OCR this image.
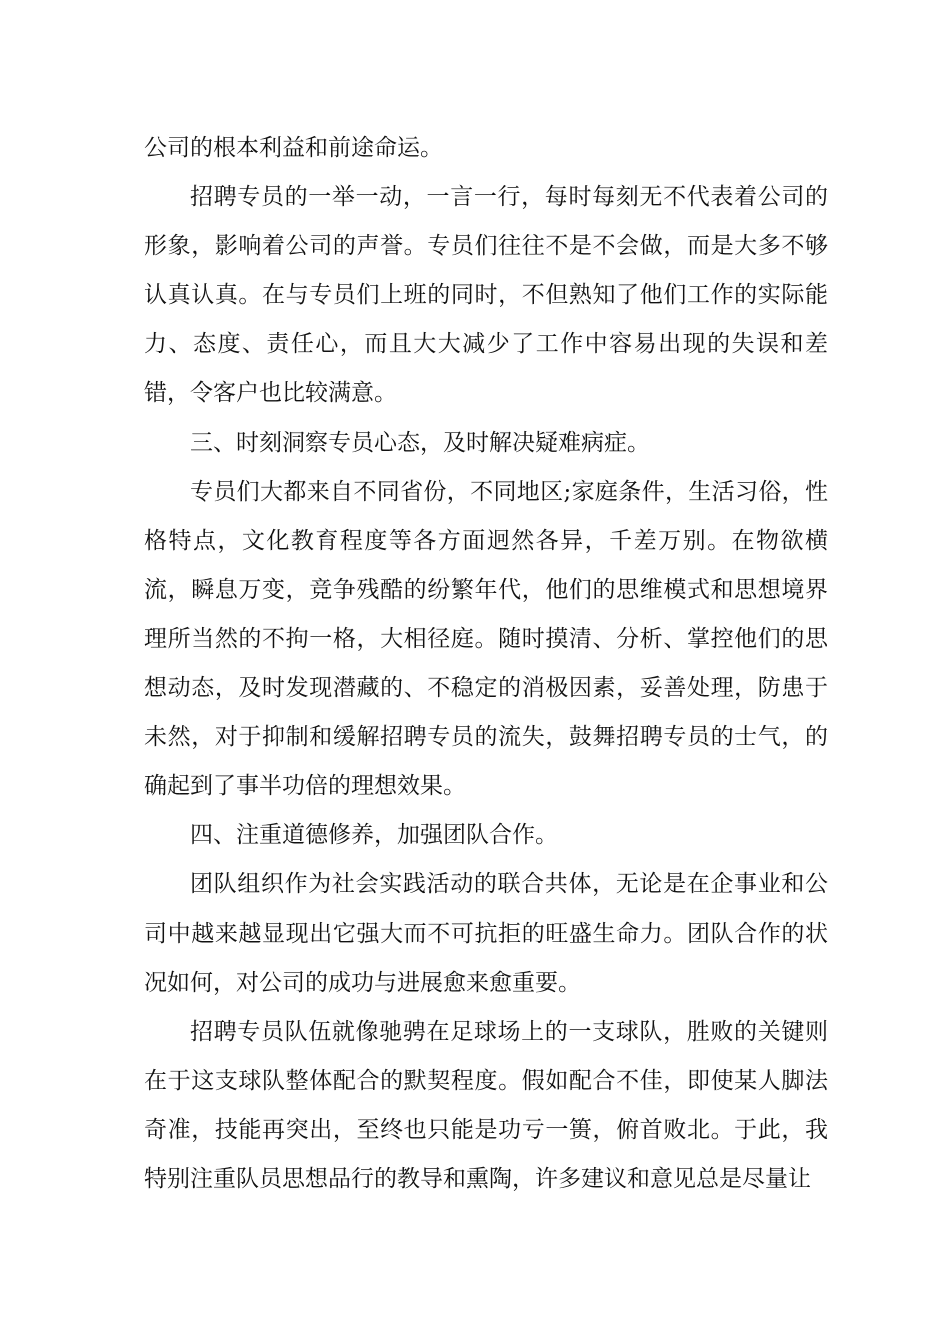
公司的根本利益和前途命运。

招聘专员的一举一动，一言一行，每时每刻无不代表着公司的形象，影响着公司的声誉。专员们往往不是不会做，而是大多不够认真认真。在与专员们上班的同时，不但熟知了他们工作的实际能力、态度、责任心，而且大大减少了工作中容易出现的失误和差错，令客户也比较满意。

三、时刻洞察专员心态，及时解决疑难病症。

专员们大都来自不同省份，不同地区;家庭条件，生活习俗，性格特点，文化教育程度等各方面迥然各异，千差万别。在物欲横流，瞬息万变，竞争残酷的纷繁年代，他们的思维模式和思想境界理所当然的不拘一格，大相径庭。随时摸清、分析、掌控他们的思想动态，及时发现潜藏的、不稳定的消极因素，妥善处理，防患于未然，对于抑制和缓解招聘专员的流失，鼓舞招聘专员的士气，的确起到了事半功倍的理想效果。

四、注重道德修养，加强团队合作。

团队组织作为社会实践活动的联合共体，无论是在企事业和公司中越来越显现出它强大而不可抗拒的旺盛生命力。团队合作的状况如何，对公司的成功与进展愈来愈重要。

招聘专员队伍就像驰骋在足球场上的一支球队，胜败的关键则在于这支球队整体配合的默契程度。假如配合不佳，即使某人脚法奇准，技能再突出，至终也只能是功亏一篑，俯首败北。于此，我特别注重队员思想品行的教导和熏陶，许多建议和意见总是尽量让
